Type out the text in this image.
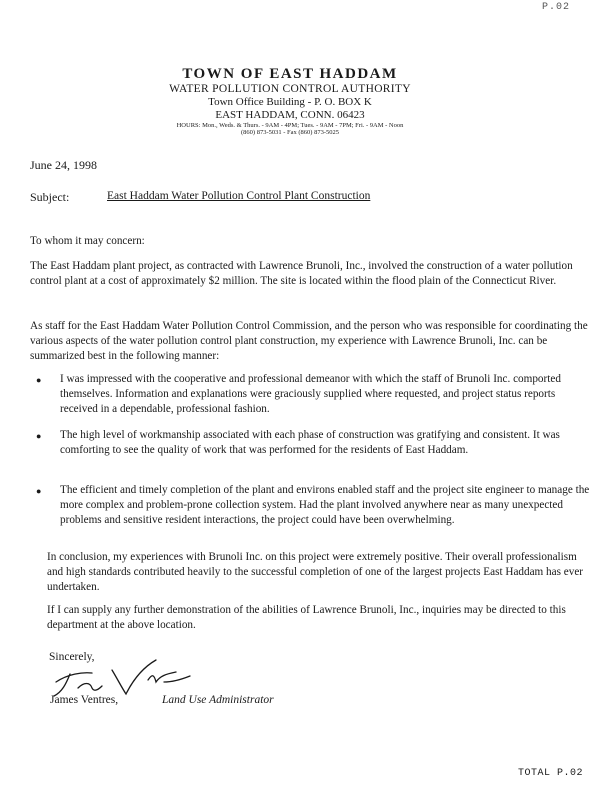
P.02
TOWN OF EAST HADDAM
WATER POLLUTION CONTROL AUTHORITY
Town Office Building - P. O. BOX K
EAST HADDAM, CONN. 06423
HOURS: Mon., Weds. & Thurs. - 9AM - 4PM; Tues. - 9AM - 7PM; Fri. - 9AM - Noon
(860) 873-5031 - Fax (860) 873-5025
June 24, 1998
Subject:	East Haddam Water Pollution Control Plant Construction
To whom it may concern:
The East Haddam plant project, as contracted with Lawrence Brunoli, Inc., involved the construction of a water pollution control plant at a cost of approximately $2 million. The site is located within the flood plain of the Connecticut River.
As staff for the East Haddam Water Pollution Control Commission, and the person who was responsible for coordinating the various aspects of the water pollution control plant construction, my experience with Lawrence Brunoli, Inc. can be summarized best in the following manner:
● I was impressed with the cooperative and professional demeanor with which the staff of Brunoli Inc. comported themselves. Information and explanations were graciously supplied where requested, and project status reports received in a dependable, professional fashion.
● The high level of workmanship associated with each phase of construction was gratifying and consistent. It was comforting to see the quality of work that was performed for the residents of East Haddam.
● The efficient and timely completion of the plant and environs enabled staff and the project site engineer to manage the more complex and problem-prone collection system. Had the plant involved anywhere near as many unexpected problems and sensitive resident interactions, the project could have been overwhelming.
In conclusion, my experiences with Brunoli Inc. on this project were extremely positive. Their overall professionalism and high standards contributed heavily to the successful completion of one of the largest projects East Haddam has ever undertaken.
If I can supply any further demonstration of the abilities of Lawrence Brunoli, Inc., inquiries may be directed to this department at the above location.
Sincerely,
James Ventres,	Land Use Administrator
TOTAL P.02
